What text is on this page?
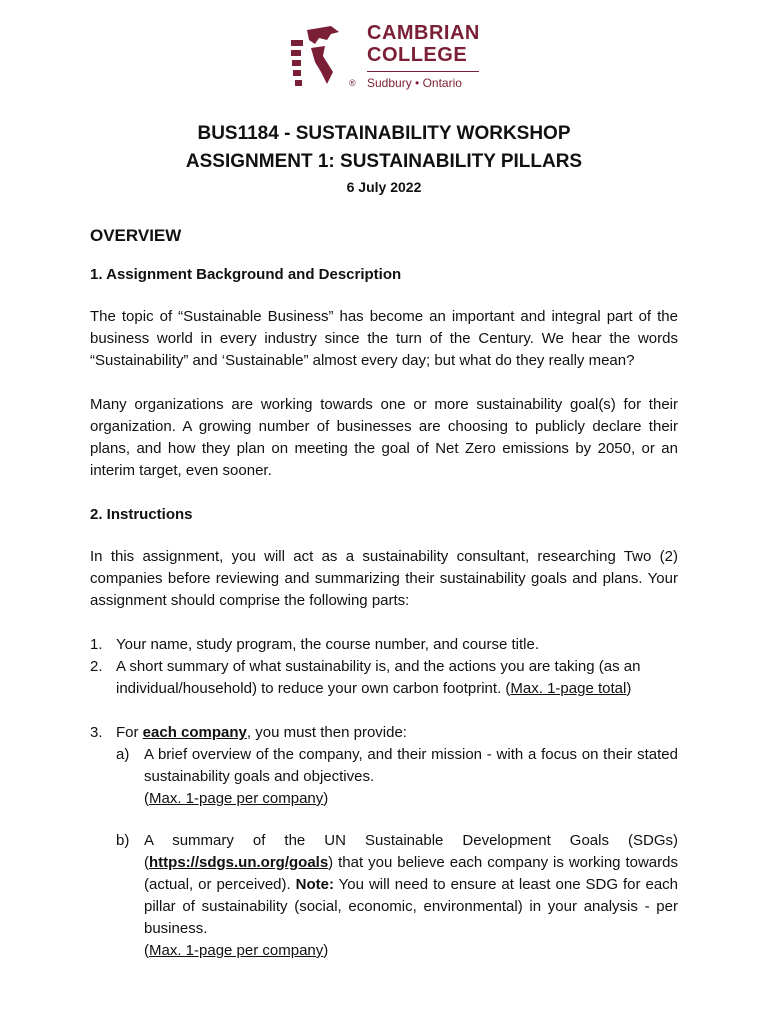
CAMBRIAN
COLLEGE
® Sudbury • Ontario
BUS1184 - SUSTAINABILITY WORKSHOP
ASSIGNMENT 1: SUSTAINABILITY PILLARS
6 July 2022
OVERVIEW
1. Assignment Background and Description

The topic of “Sustainable Business” has become an important and integral part of the business world in every industry since the turn of the Century. We hear the words “Sustainability” and ‘Sustainable” almost every day; but what do they really mean?

Many organizations are working towards one or more sustainability goal(s) for their organization. A growing number of businesses are choosing to publicly declare their plans, and how they plan on meeting the goal of Net Zero emissions by 2050, or an interim target, even sooner.

2. Instructions

In this assignment, you will act as a sustainability consultant, researching Two (2) companies before reviewing and summarizing their sustainability goals and plans. Your assignment should comprise the following parts:

1. Your name, study program, the course number, and course title.
2. A short summary of what sustainability is, and the actions you are taking (as an individual/household) to reduce your own carbon footprint. (Max. 1-page total)
3. For each company, you must then provide:
a) A brief overview of the company, and their mission - with a focus on their stated sustainability goals and objectives.
(Max. 1-page per company)
b) A summary of the UN Sustainable Development Goals (SDGs) (https://sdgs.un.org/goals) that you believe each company is working towards (actual, or perceived). Note: You will need to ensure at least one SDG for each pillar of sustainability (social, economic, environmental) in your analysis - per business.
(Max. 1-page per company)
